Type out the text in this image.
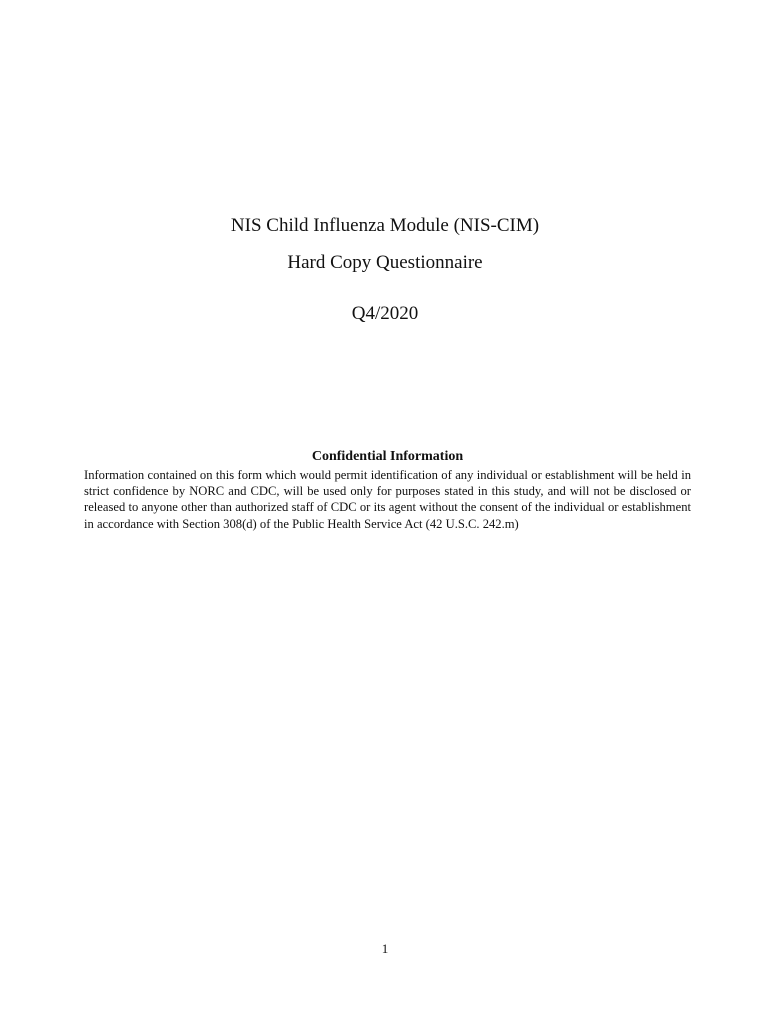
NIS Child Influenza Module (NIS-CIM)

Hard Copy Questionnaire

Q4/2020

Confidential Information

Information contained on this form which would permit identification of any individual or establishment will be held in strict confidence by NORC and CDC, will be used only for purposes stated in this study, and will not be disclosed or released to anyone other than authorized staff of CDC or its agent without the consent of the individual or establishment in accordance with Section 308(d) of the Public Health Service Act (42 U.S.C. 242.m)

1
